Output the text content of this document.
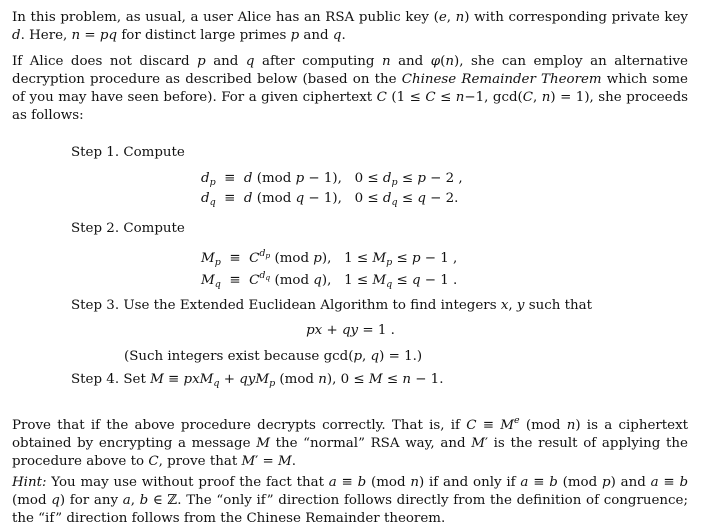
In this problem, as usual, a user Alice has an RSA public key (e, n) with corresponding private key d. Here, n = pq for distinct large primes p and q.
If Alice does not discard p and q after computing n and φ(n), she can employ an alternative decryption procedure as described below (based on the Chinese Remainder Theorem which some of you may have seen before). For a given ciphertext C (1 ≤ C ≤ n−1, gcd(C, n) = 1), she proceeds as follows:
Step 1. Compute
$d_p \equiv d$ (mod p − 1),   $0 \le d_p \le p - 2$ ,
$d_q \equiv d$ (mod q − 1),   $0 \le d_q \le q - 2$.
Step 2. Compute
$M_p \equiv C^{d_p}$ (mod p),   $1 \le M_p \le p - 1$ ,
$M_q \equiv C^{d_q}$ (mod q),   $1 \le M_q \le q - 1$ .
Step 3. Use the Extended Euclidean Algorithm to find integers x, y such that
px + qy = 1 .
(Such integers exist because gcd(p, q) = 1.)
Step 4. Set M ≡ pxM$_q$ + qyM$_p$ (mod n), 0 ≤ M ≤ n − 1.
Prove that if the above procedure decrypts correctly. That is, if $C \equiv M^e$ (mod n) is a ciphertext obtained by encrypting a message M the “normal” RSA way, and M′ is the result of applying the procedure above to C, prove that M′ = M.
Hint: You may use without proof the fact that a ≡ b (mod n) if and only if a ≡ b (mod p) and a ≡ b (mod q) for any a, b ∈ ℤ. The “only if” direction follows directly from the definition of congruence; the “if” direction follows from the Chinese Remainder theorem.
